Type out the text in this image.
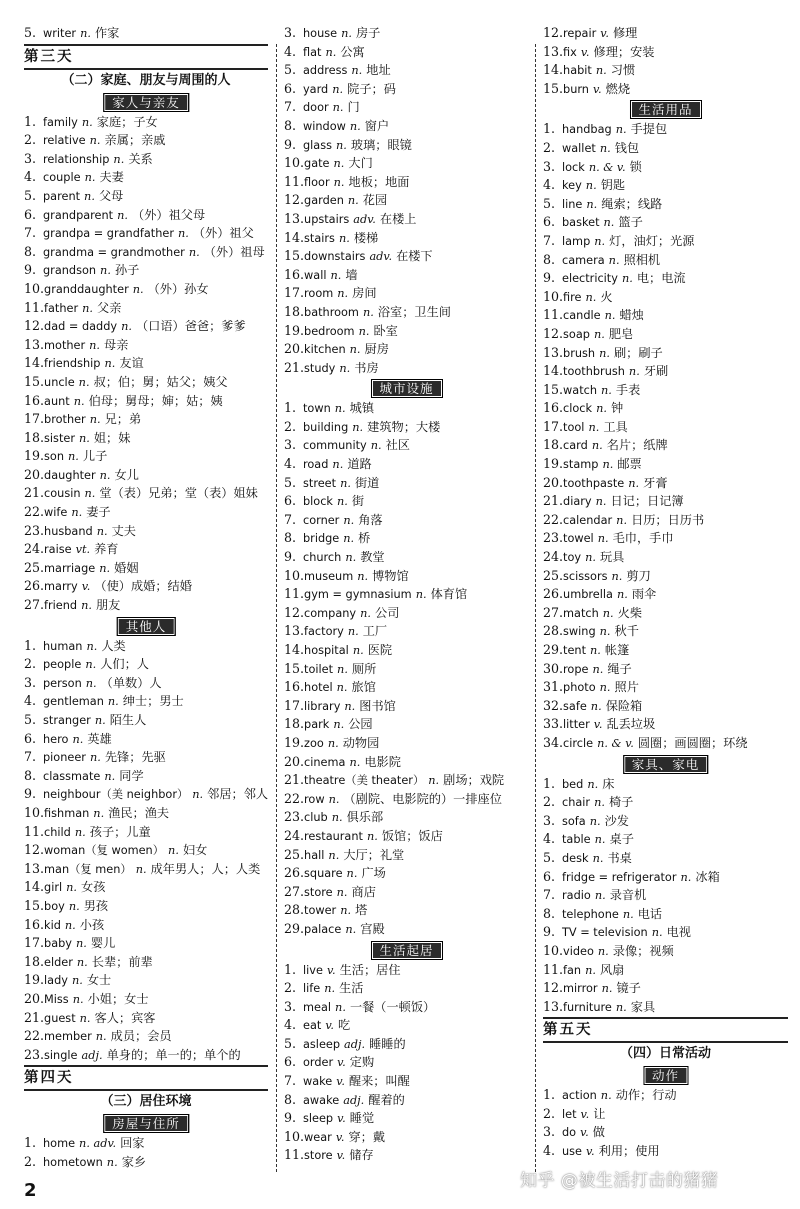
5. writer n. 作家
第三天
（二）家庭、朋友与周围的人
家人与亲友
1. family n. 家庭；子女
2. relative n. 亲属；亲戚
3. relationship n. 关系
4. couple n. 夫妻
5. parent n. 父母
6. grandparent n. （外）祖父母
7. grandpa = grandfather n. （外）祖父
8. grandma = grandmother n. （外）祖母
9. grandson n. 孙子
10.granddaughter n. （外）孙女
11.father n. 父亲
12.dad = daddy n. （口语）爸爸；爹爹
13.mother n. 母亲
14.friendship n. 友谊
15.uncle n. 叔；伯；舅；姑父；姨父
16.aunt n. 伯母；舅母；婶；姑；姨
17.brother n. 兄；弟
18.sister n. 姐；妹
19.son n. 儿子
20.daughter n. 女儿
21.cousin n. 堂（表）兄弟；堂（表）姐妹
22.wife n. 妻子
23.husband n. 丈夫
24.raise vt. 养育
25.marriage n. 婚姻
26.marry v. （使）成婚；结婚
27.friend n. 朋友
其他人
1. human n. 人类
2. people n. 人们；人
3. person n. （单数）人
4. gentleman n. 绅士；男士
5. stranger n. 陌生人
6. hero n. 英雄
7. pioneer n. 先锋；先驱
8. classmate n. 同学
9. neighbour（美 neighbor） n. 邻居；邻人
10.fishman n. 渔民；渔夫
11.child n. 孩子；儿童
12.woman（复 women） n. 妇女
13.man（复 men） n. 成年男人；人；人类
14.girl n. 女孩
15.boy n. 男孩
16.kid n. 小孩
17.baby n. 婴儿
18.elder n. 长辈；前辈
19.lady n. 女士
20.Miss n. 小姐；女士
21.guest n. 客人；宾客
22.member n. 成员；会员
23.single adj. 单身的；单一的；单个的
第四天
（三）居住环境
房屋与住所
1. home n. adv. 回家
2. hometown n. 家乡
3. house n. 房子
4. flat n. 公寓
5. address n. 地址
6. yard n. 院子；码
7. door n. 门
8. window n. 窗户
9. glass n. 玻璃；眼镜
10.gate n. 大门
11.floor n. 地板；地面
12.garden n. 花园
13.upstairs adv. 在楼上
14.stairs n. 楼梯
15.downstairs adv. 在楼下
16.wall n. 墙
17.room n. 房间
18.bathroom n. 浴室；卫生间
19.bedroom n. 卧室
20.kitchen n. 厨房
21.study n. 书房
城市设施
1. town n. 城镇
2. building n. 建筑物；大楼
3. community n. 社区
4. road n. 道路
5. street n. 街道
6. block n. 街
7. corner n. 角落
8. bridge n. 桥
9. church n. 教堂
10.museum n. 博物馆
11.gym = gymnasium n. 体育馆
12.company n. 公司
13.factory n. 工厂
14.hospital n. 医院
15.toilet n. 厕所
16.hotel n. 旅馆
17.library n. 图书馆
18.park n. 公园
19.zoo n. 动物园
20.cinema n. 电影院
21.theatre（美 theater） n. 剧场；戏院
22.row n. （剧院、电影院的）一排座位
23.club n. 俱乐部
24.restaurant n. 饭馆；饭店
25.hall n. 大厅；礼堂
26.square n. 广场
27.store n. 商店
28.tower n. 塔
29.palace n. 宫殿
生活起居
1. live v. 生活；居住
2. life n. 生活
3. meal n. 一餐（一顿饭）
4. eat v. 吃
5. asleep adj. 睡睡的
6. order v. 定购
7. wake v. 醒来；叫醒
8. awake adj. 醒着的
9. sleep v. 睡觉
10.wear v. 穿；戴
11.store v. 储存
12.repair v. 修理
13.fix v. 修理；安装
14.habit n. 习惯
15.burn v. 燃烧
生活用品
1. handbag n. 手提包
2. wallet n. 钱包
3. lock n. & v. 锁
4. key n. 钥匙
5. line n. 绳索；线路
6. basket n. 篮子
7. lamp n. 灯，油灯；光源
8. camera n. 照相机
9. electricity n. 电；电流
10.fire n. 火
11.candle n. 蜡烛
12.soap n. 肥皂
13.brush n. 刷；刷子
14.toothbrush n. 牙刷
15.watch n. 手表
16.clock n. 钟
17.tool n. 工具
18.card n. 名片；纸牌
19.stamp n. 邮票
20.toothpaste n. 牙膏
21.diary n. 日记；日记簿
22.calendar n. 日历；日历书
23.towel n. 毛巾，手巾
24.toy n. 玩具
25.scissors n. 剪刀
26.umbrella n. 雨伞
27.match n. 火柴
28.swing n. 秋千
29.tent n. 帐篷
30.rope n. 绳子
31.photo n. 照片
32.safe n. 保险箱
33.litter v. 乱丢垃圾
34.circle n. & v. 圆圈；画圆圈；环绕
家具、家电
1. bed n. 床
2. chair n. 椅子
3. sofa n. 沙发
4. table n. 桌子
5. desk n. 书桌
6. fridge = refrigerator n. 冰箱
7. radio n. 录音机
8. telephone n. 电话
9. TV = television n. 电视
10.video n. 录像；视频
11.fan n. 风扇
12.mirror n. 镜子
13.furniture n. 家具
第五天
（四）日常活动
动作
1. action n. 动作；行动
2. let v. 让
3. do v. 做
4. use v. 利用；使用
2	知乎 @被生活打击的猪猪
